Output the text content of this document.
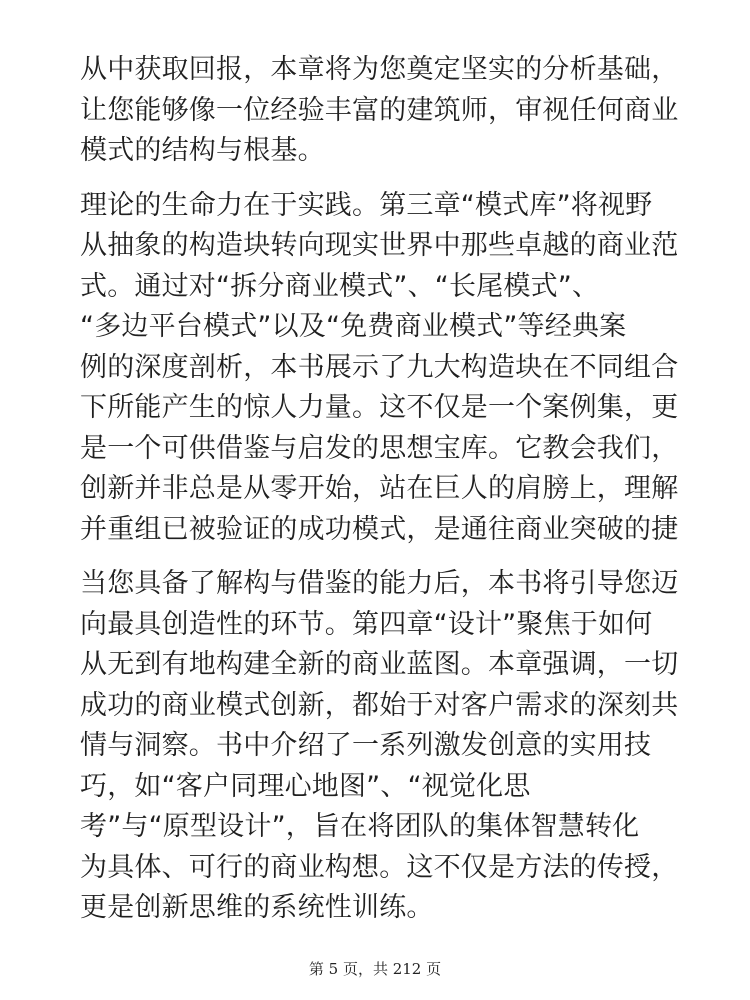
从中获取回报，本章将为您奠定坚实的分析基础，
让您能够像一位经验丰富的建筑师，审视任何商业
模式的结构与根基。
理论的生命力在于实践。第三章“模式库”将视野
从抽象的构造块转向现实世界中那些卓越的商业范
式。通过对“拆分商业模式”、“长尾模式”、
“多边平台模式”以及“免费商业模式”等经典案
例的深度剖析，本书展示了九大构造块在不同组合
下所能产生的惊人力量。这不仅是一个案例集，更
是一个可供借鉴与启发的思想宝库。它教会我们，
创新并非总是从零开始，站在巨人的肩膀上，理解
并重组已被验证的成功模式，是通往商业突破的捷
当您具备了解构与借鉴的能力后，本书将引导您迈
向最具创造性的环节。第四章“设计”聚焦于如何
从无到有地构建全新的商业蓝图。本章强调，一切
成功的商业模式创新，都始于对客户需求的深刻共
情与洞察。书中介绍了一系列激发创意的实用技
巧，如“客户同理心地图”、“视觉化思
考”与“原型设计”，旨在将团队的集体智慧转化
为具体、可行的商业构想。这不仅是方法的传授，
更是创新思维的系统性训练。
第 5 页，共 212 页
